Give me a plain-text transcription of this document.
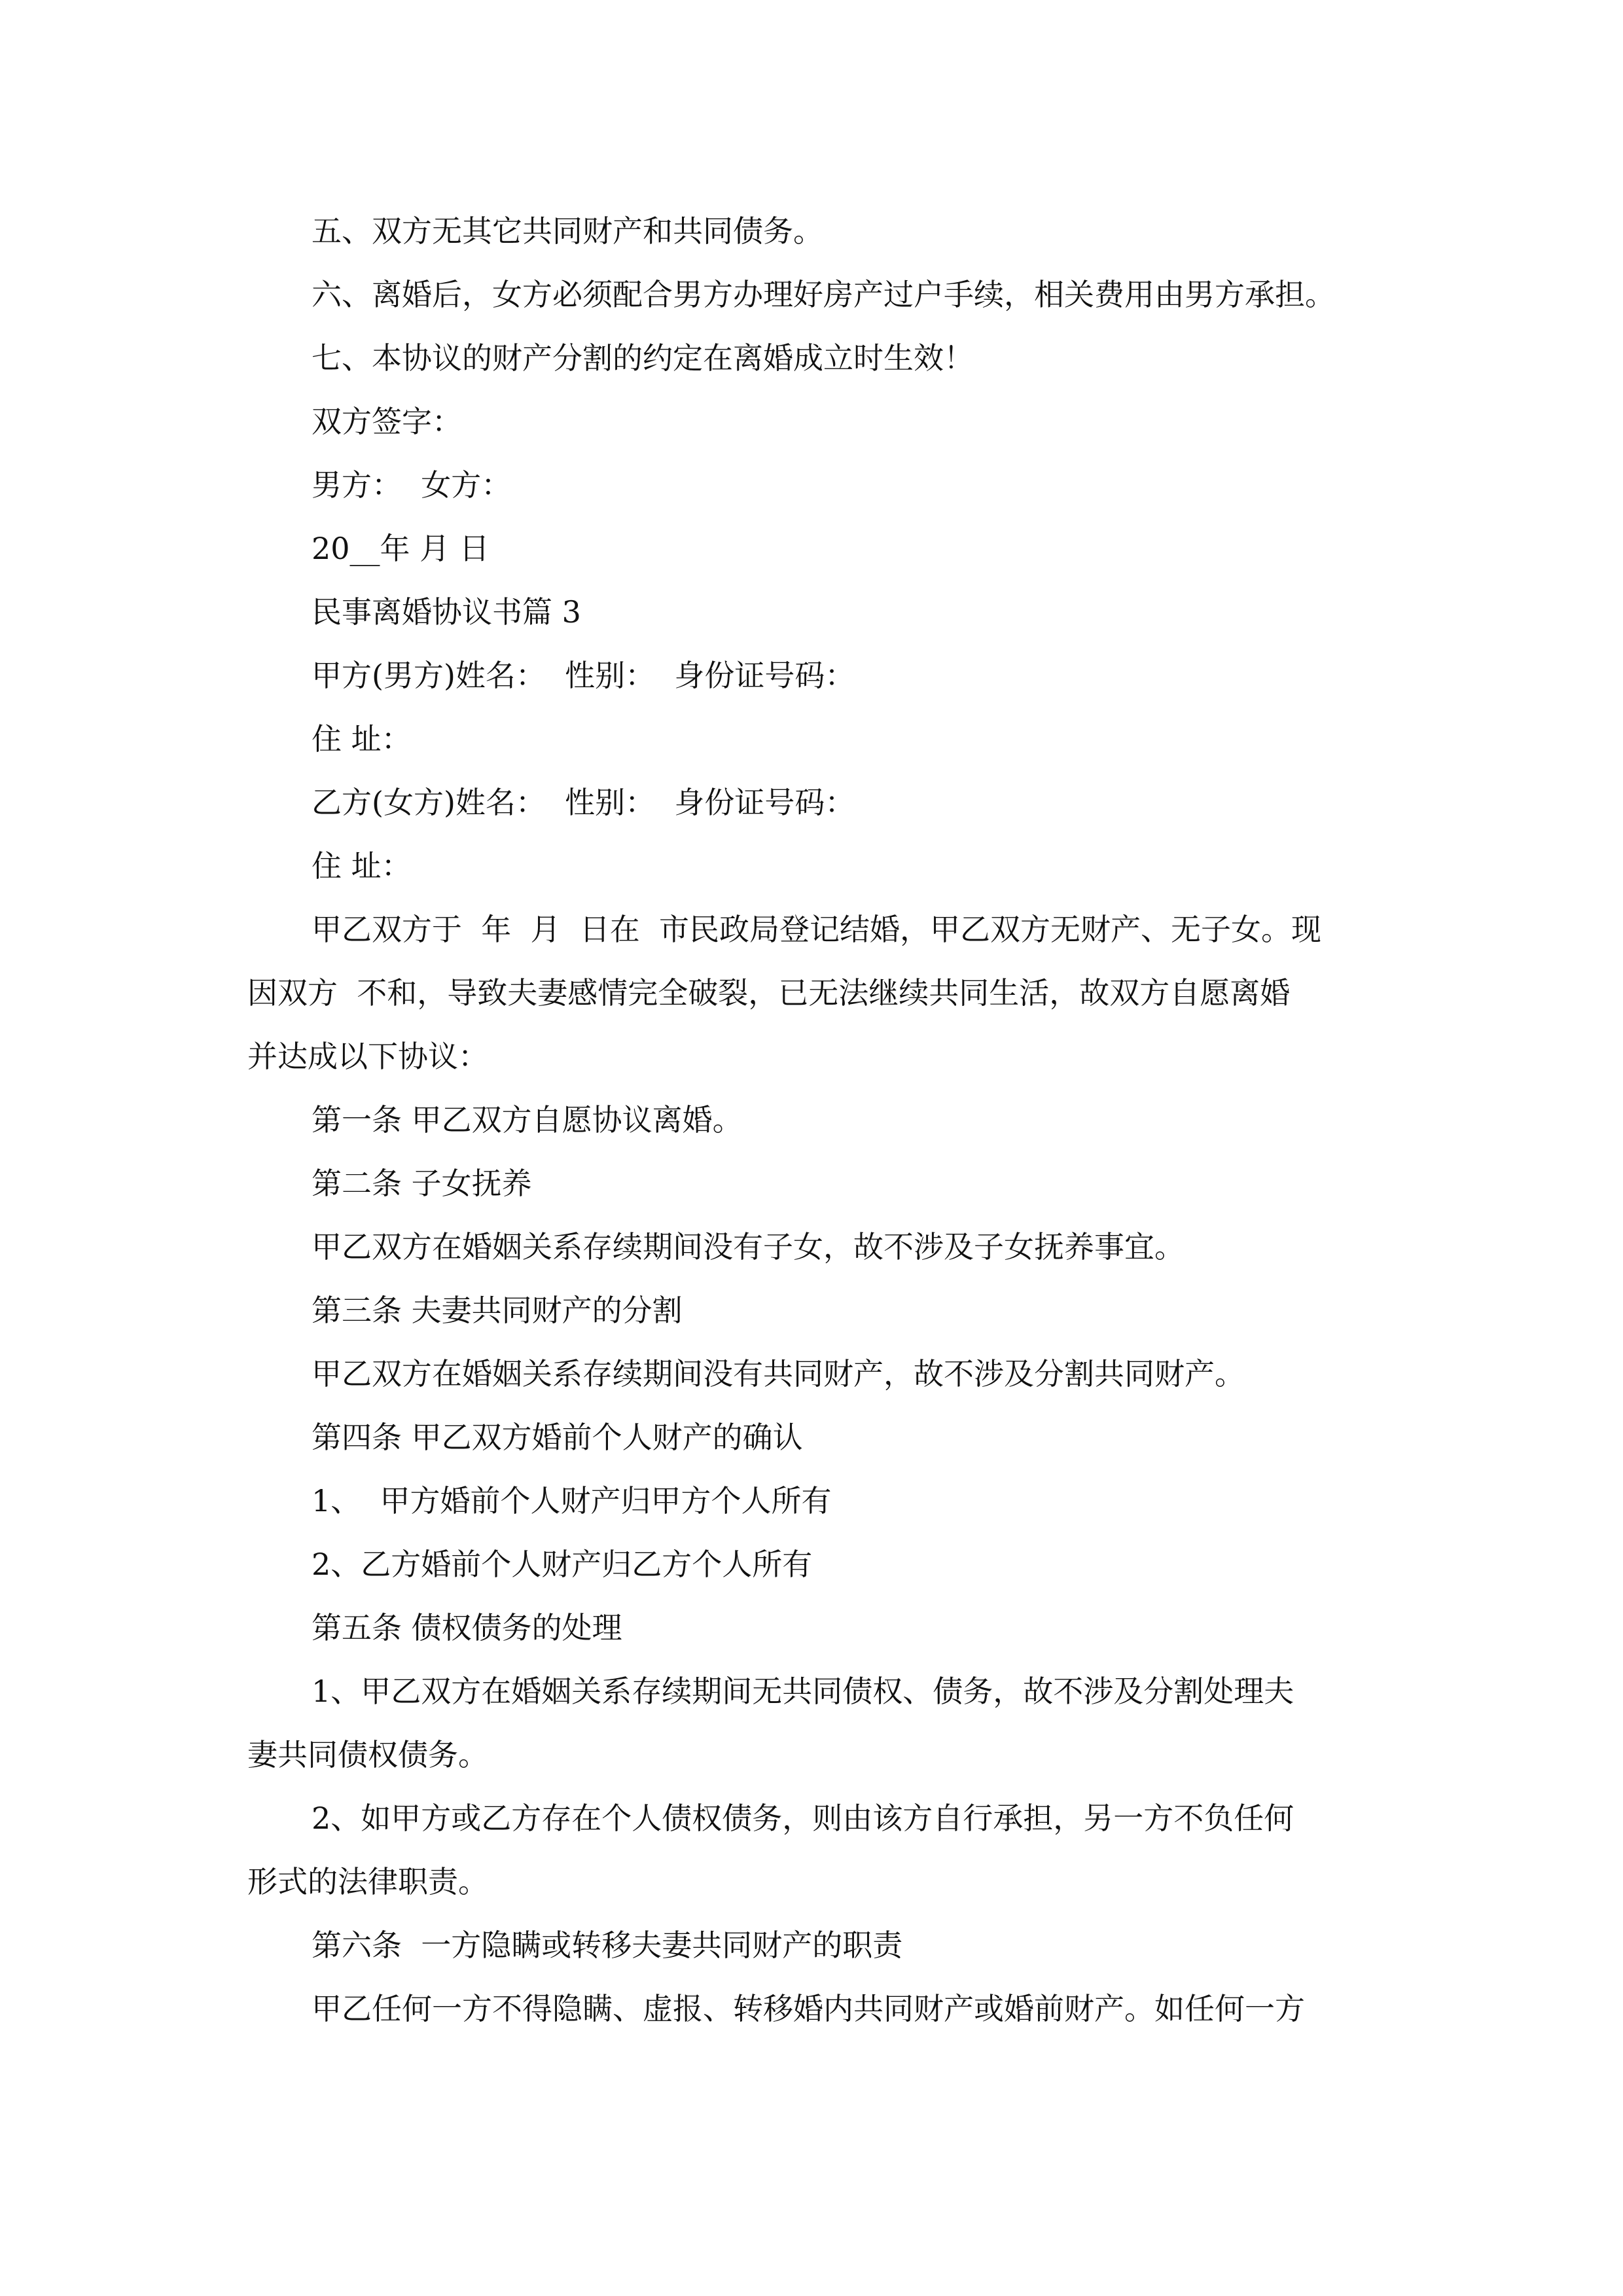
五、双方无其它共同财产和共同债务。

六、离婚后，女方必须配合男方办理好房产过户手续，相关费用由男方承担。

七、本协议的财产分割的约定在离婚成立时生效！

双方签字：

男方：  女方：

20__年 月 日

民事离婚协议书篇 3

甲方(男方)姓名：  性别：  身份证号码：

住 址：

乙方(女方)姓名：  性别：  身份证号码：

住 址：

甲乙双方于  年  月  日在  市民政局登记结婚，甲乙双方无财产、无子女。现

因双方  不和，导致夫妻感情完全破裂，已无法继续共同生活，故双方自愿离婚

并达成以下协议：

第一条 甲乙双方自愿协议离婚。

第二条 子女抚养

甲乙双方在婚姻关系存续期间没有子女，故不涉及子女抚养事宜。

第三条 夫妻共同财产的分割

甲乙双方在婚姻关系存续期间没有共同财产，故不涉及分割共同财产。

第四条 甲乙双方婚前个人财产的确认

1、  甲方婚前个人财产归甲方个人所有

2、乙方婚前个人财产归乙方个人所有

第五条 债权债务的处理

1、甲乙双方在婚姻关系存续期间无共同债权、债务，故不涉及分割处理夫

妻共同债权债务。

2、如甲方或乙方存在个人债权债务，则由该方自行承担，另一方不负任何

形式的法律职责。

第六条  一方隐瞒或转移夫妻共同财产的职责

甲乙任何一方不得隐瞒、虚报、转移婚内共同财产或婚前财产。如任何一方
